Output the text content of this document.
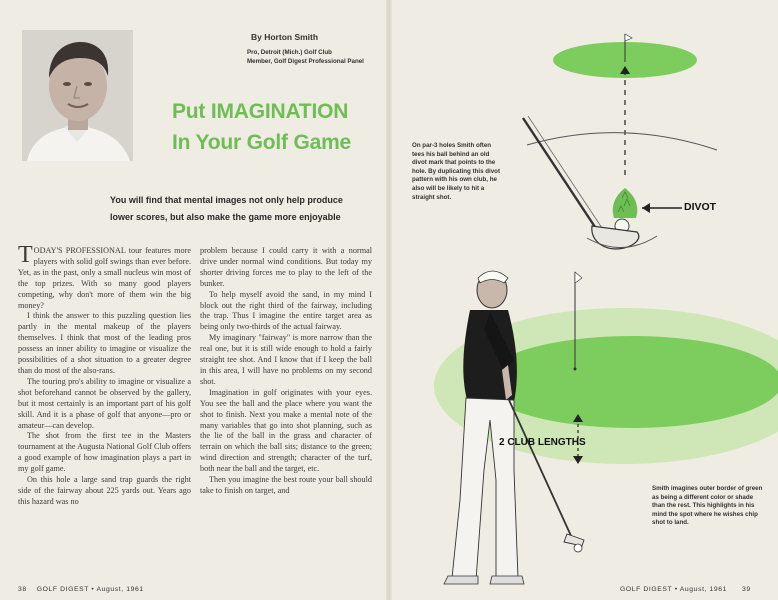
By Horton Smith
Pro, Detroit (Mich.) Golf Club
Member, Golf Digest Professional Panel
Put IMAGINATION
In Your Golf Game
You will find that mental images not only help produce
lower scores, but also make the game more enjoyable

TODAY'S PROFESSIONAL tour features more players with solid golf swings than ever before. Yet, as in the past, only a small nucleus win most of the top prizes. With so many good players competing, why don't more of them win the big money?

I think the answer to this puzzling question lies partly in the mental makeup of the players themselves. I think that most of the leading pros possess an inner ability to imagine or visualize the possibilities of a shot situation to a greater degree than do most of the also-rans.

The touring pro's ability to imagine or visualize a shot beforehand cannot be observed by the gallery, but it most certainly is an important part of his golf skill. And it is a phase of golf that anyone—pro or amateur—can develop.

The shot from the first tee in the Masters tournament at the Augusta National Golf Club offers a good example of how imagination plays a part in my golf game.

On this hole a large sand trap guards the right side of the fairway about 225 yards out. Years ago this hazard was no

problem because I could carry it with a normal drive under normal wind conditions. But today my shorter driving forces me to play to the left of the bunker.

To help myself avoid the sand, in my mind I block out the right third of the fairway, including the trap. Thus I imagine the entire target area as being only two-thirds of the actual fairway.

My imaginary "fairway" is more narrow than the real one, but it is still wide enough to hold a fairly straight tee shot. And I know that if I keep the ball in this area, I will have no problems on my second shot.

Imagination in golf originates with your eyes. You see the ball and the place where you want the shot to finish. Next you make a mental note of the many variables that go into shot planning, such as the lie of the ball in the grass and character of terrain on which the ball sits; distance to the green; wind direction and strength; character of the turf, both near the ball and the target, etc.

Then you imagine the best route your ball should take to finish on target, and

38 GOLF DIGEST • August, 1961
DIVOT
2 CLUB LENGTHS
On par-3 holes Smith often tees his ball behind an old divot mark that points to the hole. By duplicating this divot pattern with his own club, he also will be likely to hit a straight shot.
Smith imagines outer border of green as being a different color or shade than the rest. This highlights in his mind the spot where he wishes chip shot to land.
GOLF DIGEST • August, 1961 39
